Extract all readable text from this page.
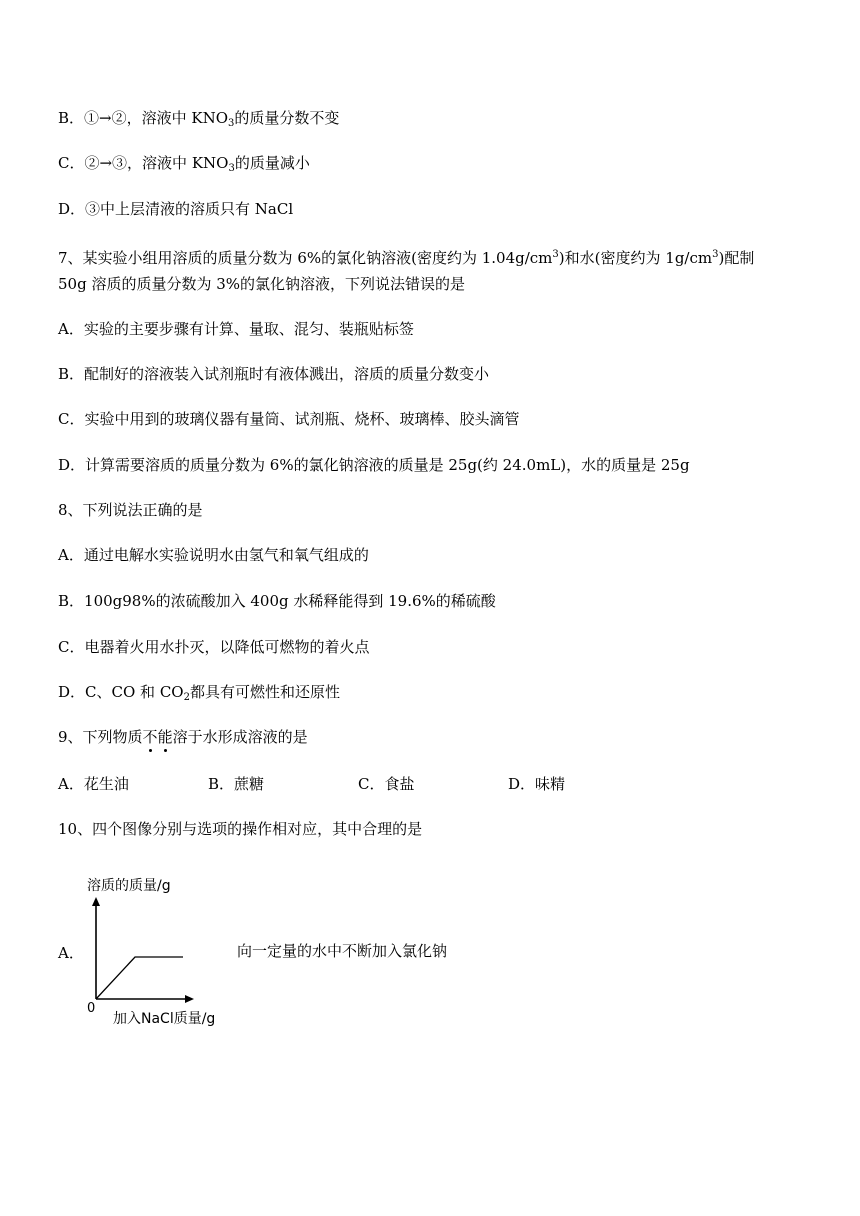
B．①→②，溶液中 $KNO_3$的质量分数不变
C．②→③，溶液中 $KNO_3$的质量减小
D．③中上层清液的溶质只有 NaCl
7、某实验小组用溶质的质量分数为 6%的氯化钠溶液(密度约为 $1.04g/cm^3$)和水(密度约为 $1g/cm^3$)配制
50g 溶质的质量分数为 3%的氯化钠溶液，下列说法错误的是
A．实验的主要步骤有计算、量取、混匀、装瓶贴标签
B．配制好的溶液装入试剂瓶时有液体溅出，溶质的质量分数变小
C．实验中用到的玻璃仪器有量筒、试剂瓶、烧杯、玻璃棒、胶头滴管
D．计算需要溶质的质量分数为 6%的氯化钠溶液的质量是 25g(约 24.0mL)，水的质量是 25g
8、下列说法正确的是
A．通过电解水实验说明水由氢气和氧气组成的
B．100g98%的浓硫酸加入 400g 水稀释能得到 19.6%的稀硫酸
C．电器着火用水扑灭，以降低可燃物的着火点
D．C、CO 和 $CO_2$都具有可燃性和还原性
9、下列物质不能溶于水形成溶液的是
A．花生油	B．蔗糖	C．食盐	D．味精
10、四个图像分别与选项的操作相对应，其中合理的是
A．
溶质的质量/g
0
加入NaCl质量/g
向一定量的水中不断加入氯化钠
